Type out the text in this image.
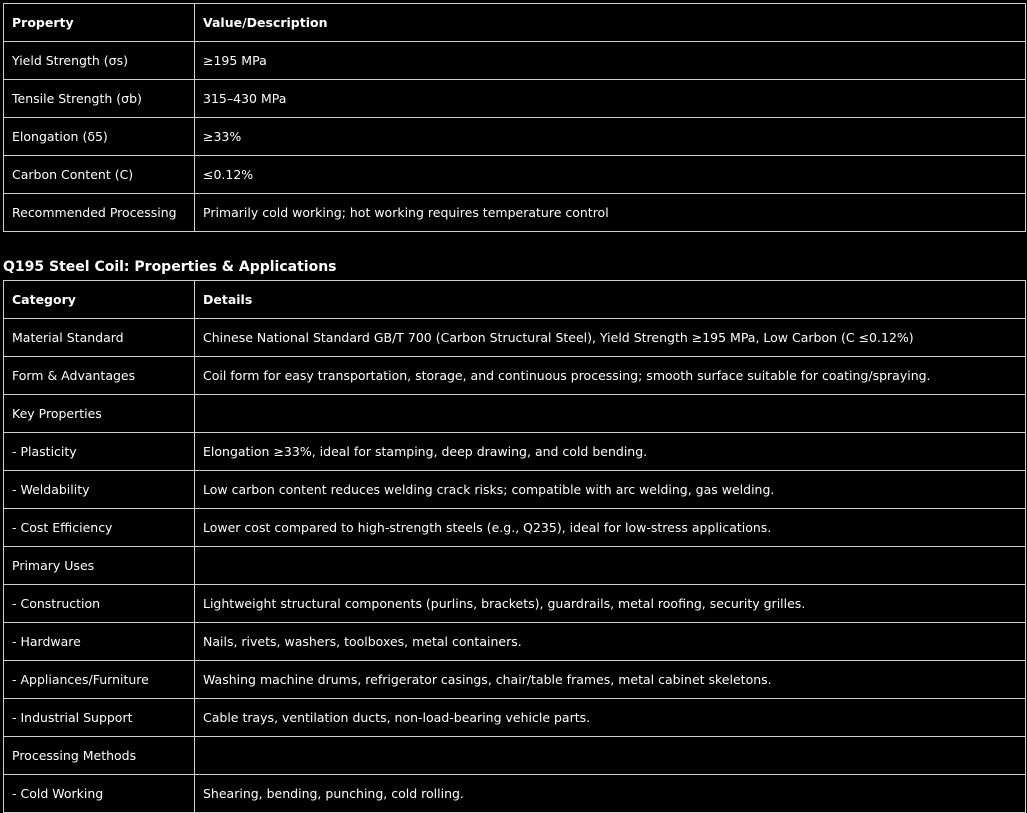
Property	Value/Description
Yield Strength (σs)	≥195 MPa
Tensile Strength (σb)	315–430 MPa
Elongation (δ5)	≥33%
Carbon Content (C)	≤0.12%
Recommended Processing	Primarily cold working; hot working requires temperature control
Q195 Steel Coil: Properties & Applications
Category	Details
Material Standard	Chinese National Standard GB/T 700 (Carbon Structural Steel), Yield Strength ≥195 MPa, Low Carbon (C ≤0.12%)
Form & Advantages	Coil form for easy transportation, storage, and continuous processing; smooth surface suitable for coating/spraying.
Key Properties	
- Plasticity	Elongation ≥33%, ideal for stamping, deep drawing, and cold bending.
- Weldability	Low carbon content reduces welding crack risks; compatible with arc welding, gas welding.
- Cost Efficiency	Lower cost compared to high-strength steels (e.g., Q235), ideal for low-stress applications.
Primary Uses	
- Construction	Lightweight structural components (purlins, brackets), guardrails, metal roofing, security grilles.
- Hardware	Nails, rivets, washers, toolboxes, metal containers.
- Appliances/Furniture	Washing machine drums, refrigerator casings, chair/table frames, metal cabinet skeletons.
- Industrial Support	Cable trays, ventilation ducts, non-load-bearing vehicle parts.
Processing Methods	
- Cold Working	Shearing, bending, punching, cold rolling.
